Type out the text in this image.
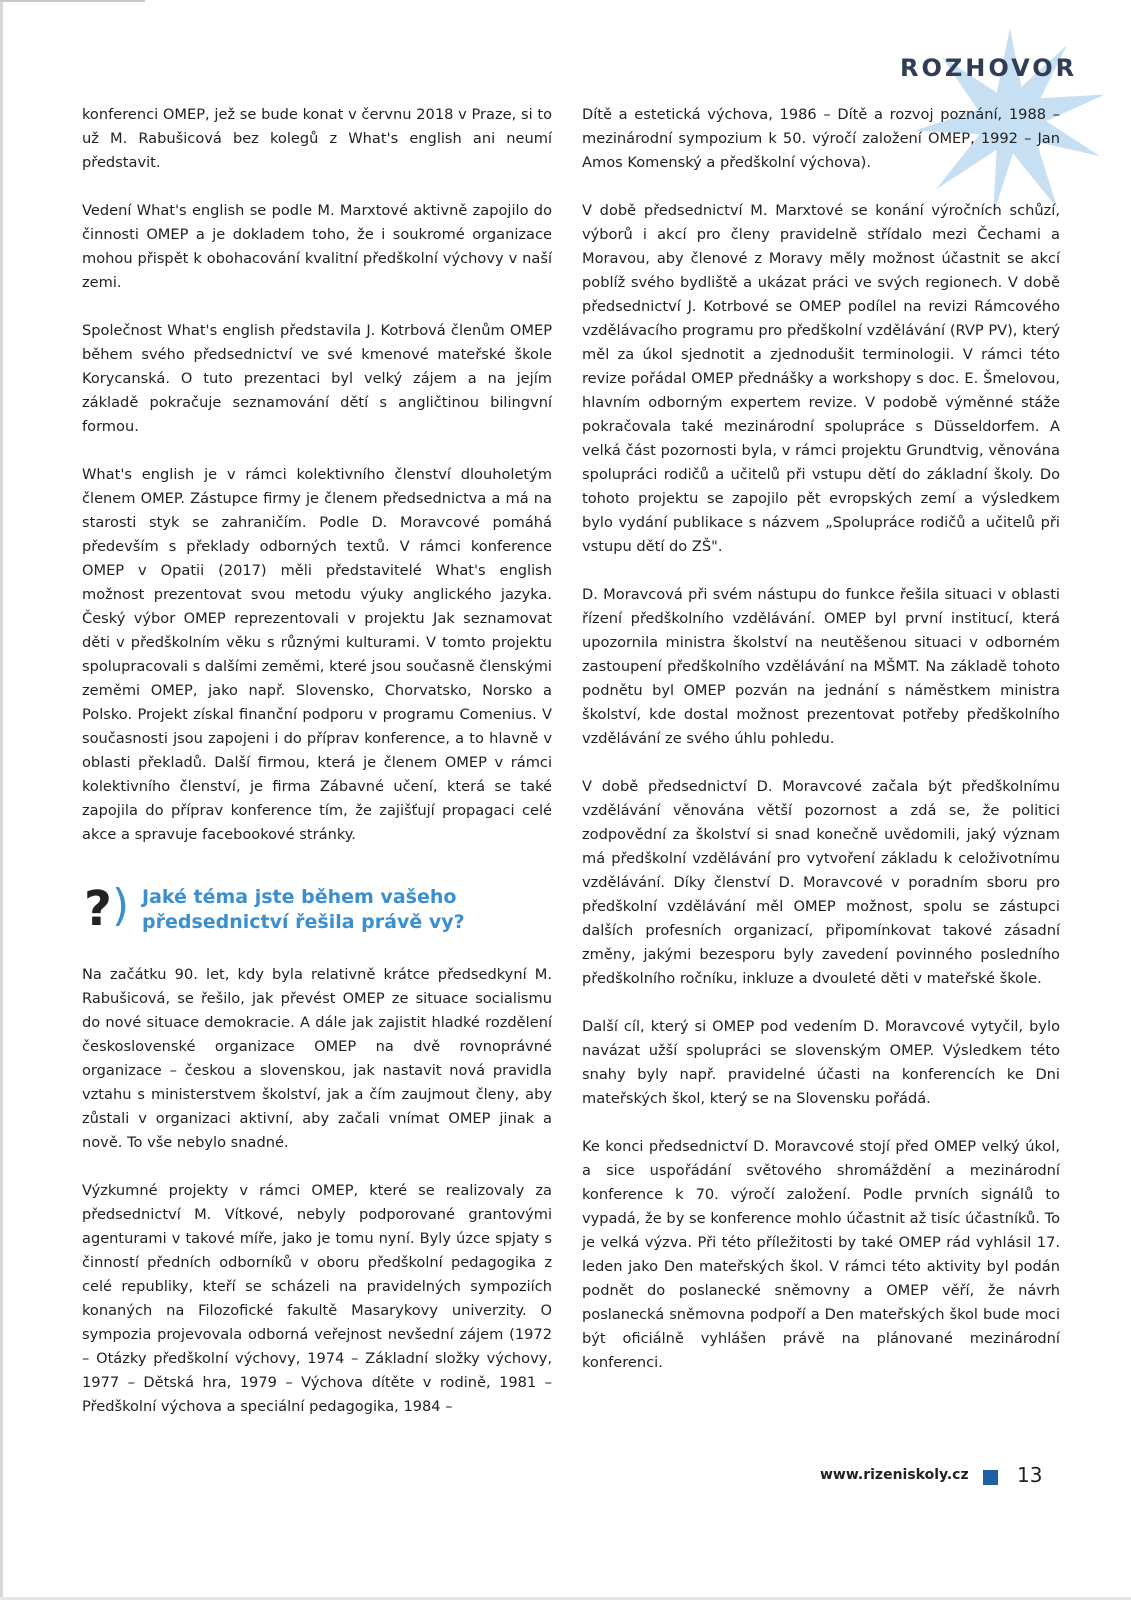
ROZHOVOR

konferenci OMEP, jež se bude konat v červnu 2018 v Praze, si to už M. Rabušicová bez kolegů z What's english ani neumí představit.

Vedení What's english se podle M. Marxtové aktivně zapojilo do činnosti OMEP a je dokladem toho, že i soukromé organizace mohou přispět k obohacování kvalitní předškolní výchovy v naší zemi.

Společnost What's english představila J. Kotrbová členům OMEP během svého předsednictví ve své kmenové mateřské škole Korycanská. O tuto prezentaci byl velký zájem a na jejím základě pokračuje seznamování dětí s angličtinou bilingvní formou.

What's english je v rámci kolektivního členství dlouholetým členem OMEP. Zástupce firmy je členem předsednictva a má na starosti styk se zahraničím. Podle D. Moravcové pomáhá především s překlady odborných textů. V rámci konference OMEP v Opatii (2017) měli představitelé What's english možnost prezentovat svou metodu výuky anglického jazyka. Český výbor OMEP reprezentovali v projektu Jak seznamovat děti v předškolním věku s různými kulturami. V tomto projektu spolupracovali s dalšími zeměmi, které jsou současně členskými zeměmi OMEP, jako např. Slovensko, Chorvatsko, Norsko a Polsko. Projekt získal finanční podporu v programu Comenius. V současnosti jsou zapojeni i do příprav konference, a to hlavně v oblasti překladů. Další firmou, která je členem OMEP v rámci kolektivního členství, je firma Zábavné učení, která se také zapojila do příprav konference tím, že zajišťují propagaci celé akce a spravuje facebookové stránky.

? ) Jaké téma jste během vašeho předsednictví řešila právě vy?

Na začátku 90. let, kdy byla relativně krátce předsedkyní M. Rabušicová, se řešilo, jak převést OMEP ze situace socialismu do nové situace demokracie. A dále jak zajistit hladké rozdělení československé organizace OMEP na dvě rovnoprávné organizace – českou a slovenskou, jak nastavit nová pravidla vztahu s ministerstvem školství, jak a čím zaujmout členy, aby zůstali v organizaci aktivní, aby začali vnímat OMEP jinak a nově. To vše nebylo snadné.

Výzkumné projekty v rámci OMEP, které se realizovaly za předsednictví M. Vítkové, nebyly podporované grantovými agenturami v takové míře, jako je tomu nyní. Byly úzce spjaty s činností předních odborníků v oboru předškolní pedagogika z celé republiky, kteří se scházeli na pravidelných sympoziích konaných na Filozofické fakultě Masarykovy univerzity. O sympozia projevovala odborná veřejnost nevšední zájem (1972 – Otázky předškolní výchovy, 1974 – Základní složky výchovy, 1977 – Dětská hra, 1979 – Výchova dítěte v rodině, 1981 – Předškolní výchova a speciální pedagogika, 1984 –

Dítě a estetická výchova, 1986 – Dítě a rozvoj poznání, 1988 – mezinárodní sympozium k 50. výročí založení OMEP, 1992 – Jan Amos Komenský a předškolní výchova).

V době předsednictví M. Marxtové se konání výročních schůzí, výborů i akcí pro členy pravidelně střídalo mezi Čechami a Moravou, aby členové z Moravy měly možnost účastnit se akcí poblíž svého bydliště a ukázat práci ve svých regionech. V době předsednictví J. Kotrbové se OMEP podílel na revizi Rámcového vzdělávacího programu pro předškolní vzdělávání (RVP PV), který měl za úkol sjednotit a zjednodušit terminologii. V rámci této revize pořádal OMEP přednášky a workshopy s doc. E. Šmelovou, hlavním odborným expertem revize. V podobě výměnné stáže pokračovala také mezinárodní spolupráce s Düsseldorfem. A velká část pozornosti byla, v rámci projektu Grundtvig, věnována spolupráci rodičů a učitelů při vstupu dětí do základní školy. Do tohoto projektu se zapojilo pět evropských zemí a výsledkem bylo vydání publikace s názvem „Spolupráce rodičů a učitelů při vstupu dětí do ZŠ".

D. Moravcová při svém nástupu do funkce řešila situaci v oblasti řízení předškolního vzdělávání. OMEP byl první institucí, která upozornila ministra školství na neutěšenou situaci v odborném zastoupení předškolního vzdělávání na MŠMT. Na základě tohoto podnětu byl OMEP pozván na jednání s náměstkem ministra školství, kde dostal možnost prezentovat potřeby předškolního vzdělávání ze svého úhlu pohledu.

V době předsednictví D. Moravcové začala být předškolnímu vzdělávání věnována větší pozornost a zdá se, že politici zodpovědní za školství si snad konečně uvědomili, jaký význam má předškolní vzdělávání pro vytvoření základu k celoživotnímu vzdělávání. Díky členství D. Moravcové v poradním sboru pro předškolní vzdělávání měl OMEP možnost, spolu se zástupci dalších profesních organizací, připomínkovat takové zásadní změny, jakými bezesporu byly zavedení povinného posledního předškolního ročníku, inkluze a dvouleté děti v mateřské škole.

Další cíl, který si OMEP pod vedením D. Moravcové vytyčil, bylo navázat užší spolupráci se slovenským OMEP. Výsledkem této snahy byly např. pravidelné účasti na konferencích ke Dni mateřských škol, který se na Slovensku pořádá.

Ke konci předsednictví D. Moravcové stojí před OMEP velký úkol, a sice uspořádání světového shromáždění a mezinárodní konference k 70. výročí založení. Podle prvních signálů to vypadá, že by se konference mohlo účastnit až tisíc účastníků. To je velká výzva. Při této příležitosti by také OMEP rád vyhlásil 17. leden jako Den mateřských škol. V rámci této aktivity byl podán podnět do poslanecké sněmovny a OMEP věří, že návrh poslanecká sněmovna podpoří a Den mateřských škol bude moci být oficiálně vyhlášen právě na plánované mezinárodní konferenci.

www.rizeniskoly.cz 13
